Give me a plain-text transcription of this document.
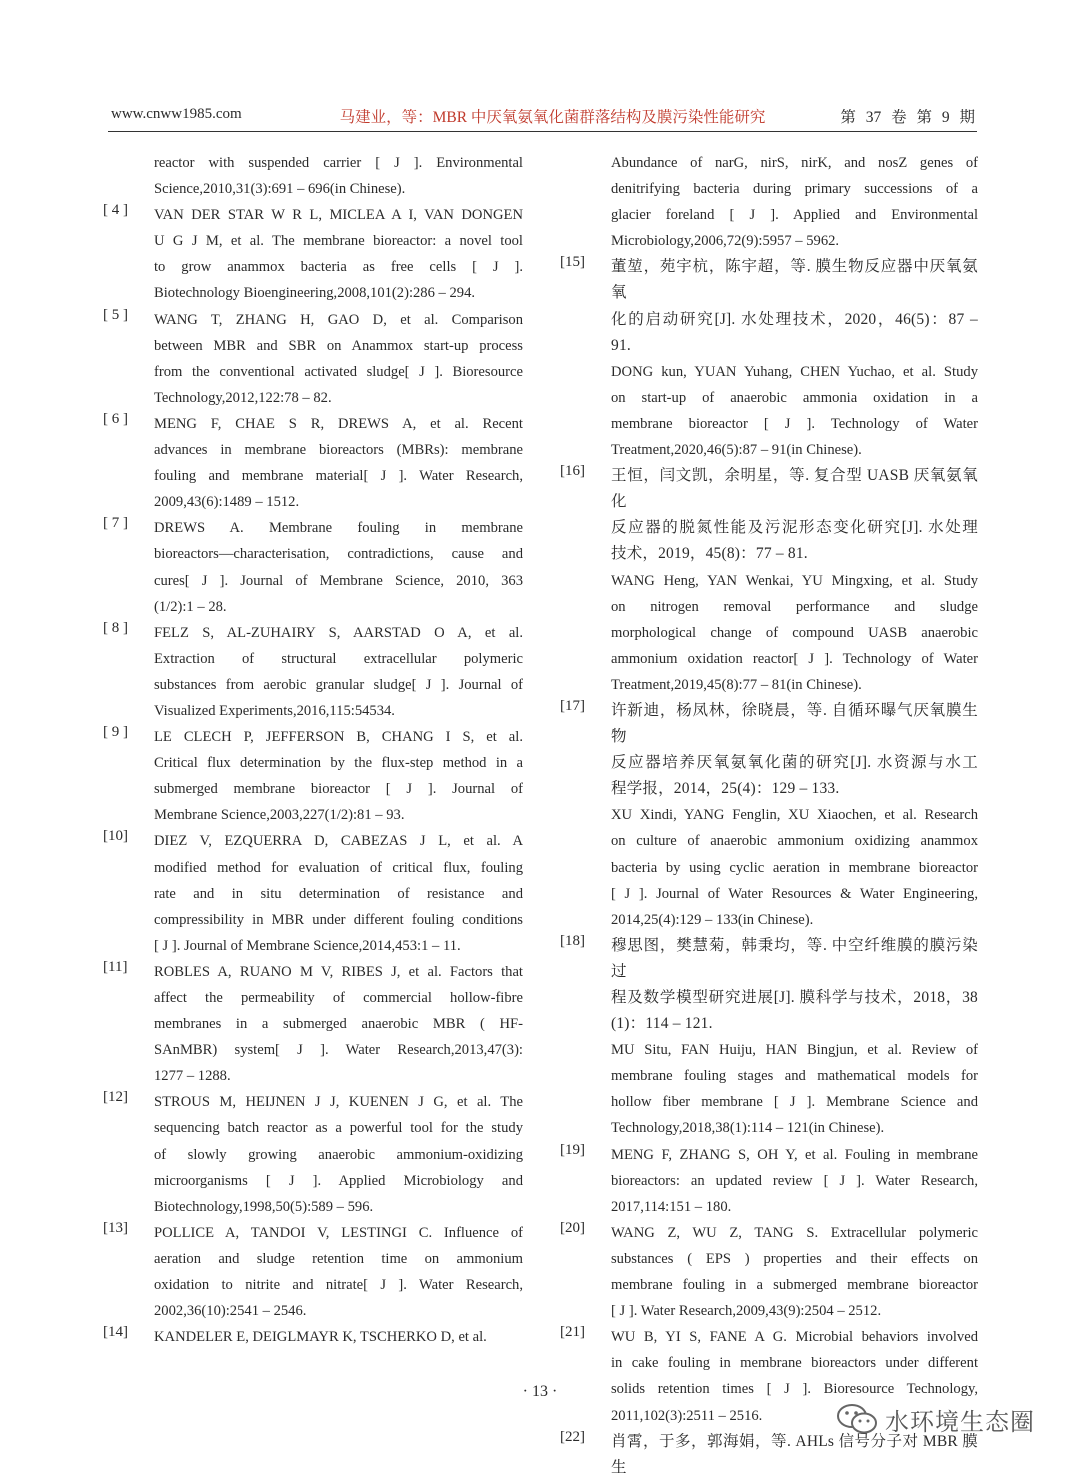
www.cnww1985.com	马建业，等：MBR 中厌氧氨氧化菌群落结构及膜污染性能研究	第 37 卷 第 9 期

reactor with suspended carrier [ J ]. Environmental

Science,2010,31(3):691 – 696(in Chinese).

[ 4 ] VAN DER STAR W R L, MICLEA A I, VAN DONGEN

U G J M, et al. The membrane bioreactor: a novel tool

to grow anammox bacteria as free cells [ J ].

Biotechnology Bioengineering,2008,101(2):286 – 294.

[ 5 ] WANG T, ZHANG H, GAO D, et al. Comparison

between MBR and SBR on Anammox start-up process

from the conventional activated sludge[ J ]. Bioresource

Technology,2012,122:78 – 82.

[ 6 ] MENG F, CHAE S R, DREWS A, et al. Recent

advances in membrane bioreactors (MBRs): membrane

fouling and membrane material[ J ]. Water Research,

2009,43(6):1489 – 1512.

[ 7 ] DREWS A. Membrane fouling in membrane

bioreactors—characterisation, contradictions, cause and

cures[ J ]. Journal of Membrane Science, 2010, 363

(1/2):1 – 28.

[ 8 ] FELZ S, AL-ZUHAIRY S, AARSTAD O A, et al.

Extraction of structural extracellular polymeric

substances from aerobic granular sludge[ J ]. Journal of

Visualized Experiments,2016,115:54534.

[ 9 ] LE CLECH P, JEFFERSON B, CHANG I S, et al.

Critical flux determination by the flux-step method in a

submerged membrane bioreactor [ J ]. Journal of

Membrane Science,2003,227(1/2):81 – 93.

[10] DIEZ V, EZQUERRA D, CABEZAS J L, et al. A

modified method for evaluation of critical flux, fouling

rate and in situ determination of resistance and

compressibility in MBR under different fouling conditions

[ J ]. Journal of Membrane Science,2014,453:1 – 11.

[11] ROBLES A, RUANO M V, RIBES J, et al. Factors that

affect the permeability of commercial hollow-fibre

membranes in a submerged anaerobic MBR ( HF-

SAnMBR) system[ J ]. Water Research,2013,47(3):

1277 – 1288.

[12] STROUS M, HEIJNEN J J, KUENEN J G, et al. The

sequencing batch reactor as a powerful tool for the study

of slowly growing anaerobic ammonium-oxidizing

microorganisms [ J ]. Applied Microbiology and

Biotechnology,1998,50(5):589 – 596.

[13] POLLICE A, TANDOI V, LESTINGI C. Influence of

aeration and sludge retention time on ammonium

oxidation to nitrite and nitrate[ J ]. Water Research,

2002,36(10):2541 – 2546.

[14] KANDELER E, DEIGLMAYR K, TSCHERKO D, et al.

Abundance of narG, nirS, nirK, and nosZ genes of

denitrifying bacteria during primary successions of a

glacier foreland [ J ]. Applied and Environmental

Microbiology,2006,72(9):5957 – 5962.

[15] 董堃，苑宇杭，陈宇超，等. 膜生物反应器中厌氧氨氧

化的启动研究[J]. 水处理技术，2020，46(5)：87 –

91.

DONG kun, YUAN Yuhang, CHEN Yuchao, et al. Study

on start-up of anaerobic ammonia oxidation in a

membrane bioreactor [ J ]. Technology of Water

Treatment,2020,46(5):87 – 91(in Chinese).

[16] 王恒，闫文凯，余明星，等. 复合型 UASB 厌氧氨氧化

反应器的脱氮性能及污泥形态变化研究[J]. 水处理

技术，2019，45(8)：77 – 81.

WANG Heng, YAN Wenkai, YU Mingxing, et al. Study

on nitrogen removal performance and sludge

morphological change of compound UASB anaerobic

ammonium oxidation reactor[ J ]. Technology of Water

Treatment,2019,45(8):77 – 81(in Chinese).

[17] 许新迪，杨凤林，徐晓晨，等. 自循环曝气厌氧膜生物

反应器培养厌氧氨氧化菌的研究[J]. 水资源与水工

程学报，2014，25(4)：129 – 133.

XU Xindi, YANG Fenglin, XU Xiaochen, et al. Research

on culture of anaerobic ammonium oxidizing anammox

bacteria by using cyclic aeration in membrane bioreactor

[ J ]. Journal of Water Resources & Water Engineering,

2014,25(4):129 – 133(in Chinese).

[18] 穆思图，樊慧菊，韩秉均，等. 中空纤维膜的膜污染过

程及数学模型研究进展[J]. 膜科学与技术，2018，38

(1)：114 – 121.

MU Situ, FAN Huiju, HAN Bingjun, et al. Review of

membrane fouling stages and mathematical models for

hollow fiber membrane [ J ]. Membrane Science and

Technology,2018,38(1):114 – 121(in Chinese).

[19] MENG F, ZHANG S, OH Y, et al. Fouling in membrane

bioreactors: an updated review [ J ]. Water Research,

2017,114:151 – 180.

[20] WANG Z, WU Z, TANG S. Extracellular polymeric

substances ( EPS ) properties and their effects on

membrane fouling in a submerged membrane bioreactor

[ J ]. Water Research,2009,43(9):2504 – 2512.

[21] WU B, YI S, FANE A G. Microbial behaviors involved

in cake fouling in membrane bioreactors under different

solids retention times [ J ]. Bioresource Technology,

2011,102(3):2511 – 2516.

[22] 肖霄，于多，郭海娟，等. AHLs 信号分子对 MBR 膜生

· 13 ·
水环境生态圈
